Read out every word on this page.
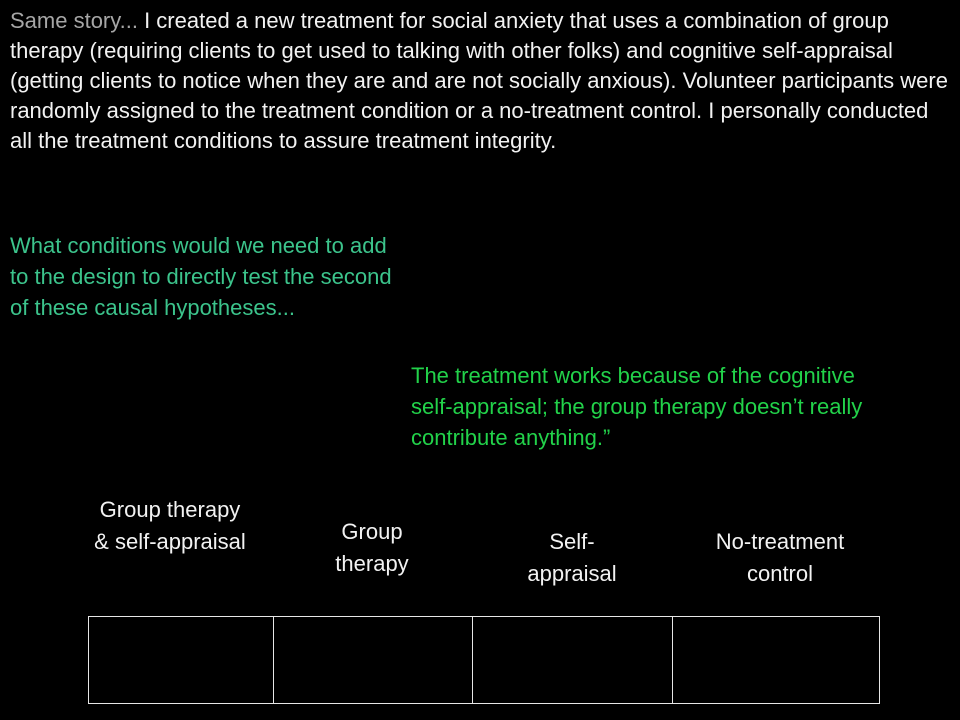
Same story... I created a new treatment for social anxiety that uses a combination of group therapy (requiring clients to get used to talking with other folks) and cognitive self-appraisal (getting clients to notice when they are and are not socially anxious). Volunteer participants were randomly assigned to the treatment condition or a no-treatment control. I personally conducted all the treatment conditions to assure treatment integrity.

What conditions would we need to add
to the design to directly test the second
of these causal hypotheses...

The treatment works because of the cognitive
self-appraisal; the group therapy doesn’t really
contribute anything.”

Group therapy
& self-appraisal	Group
therapy
Self-
appraisal
No-treatment
control
